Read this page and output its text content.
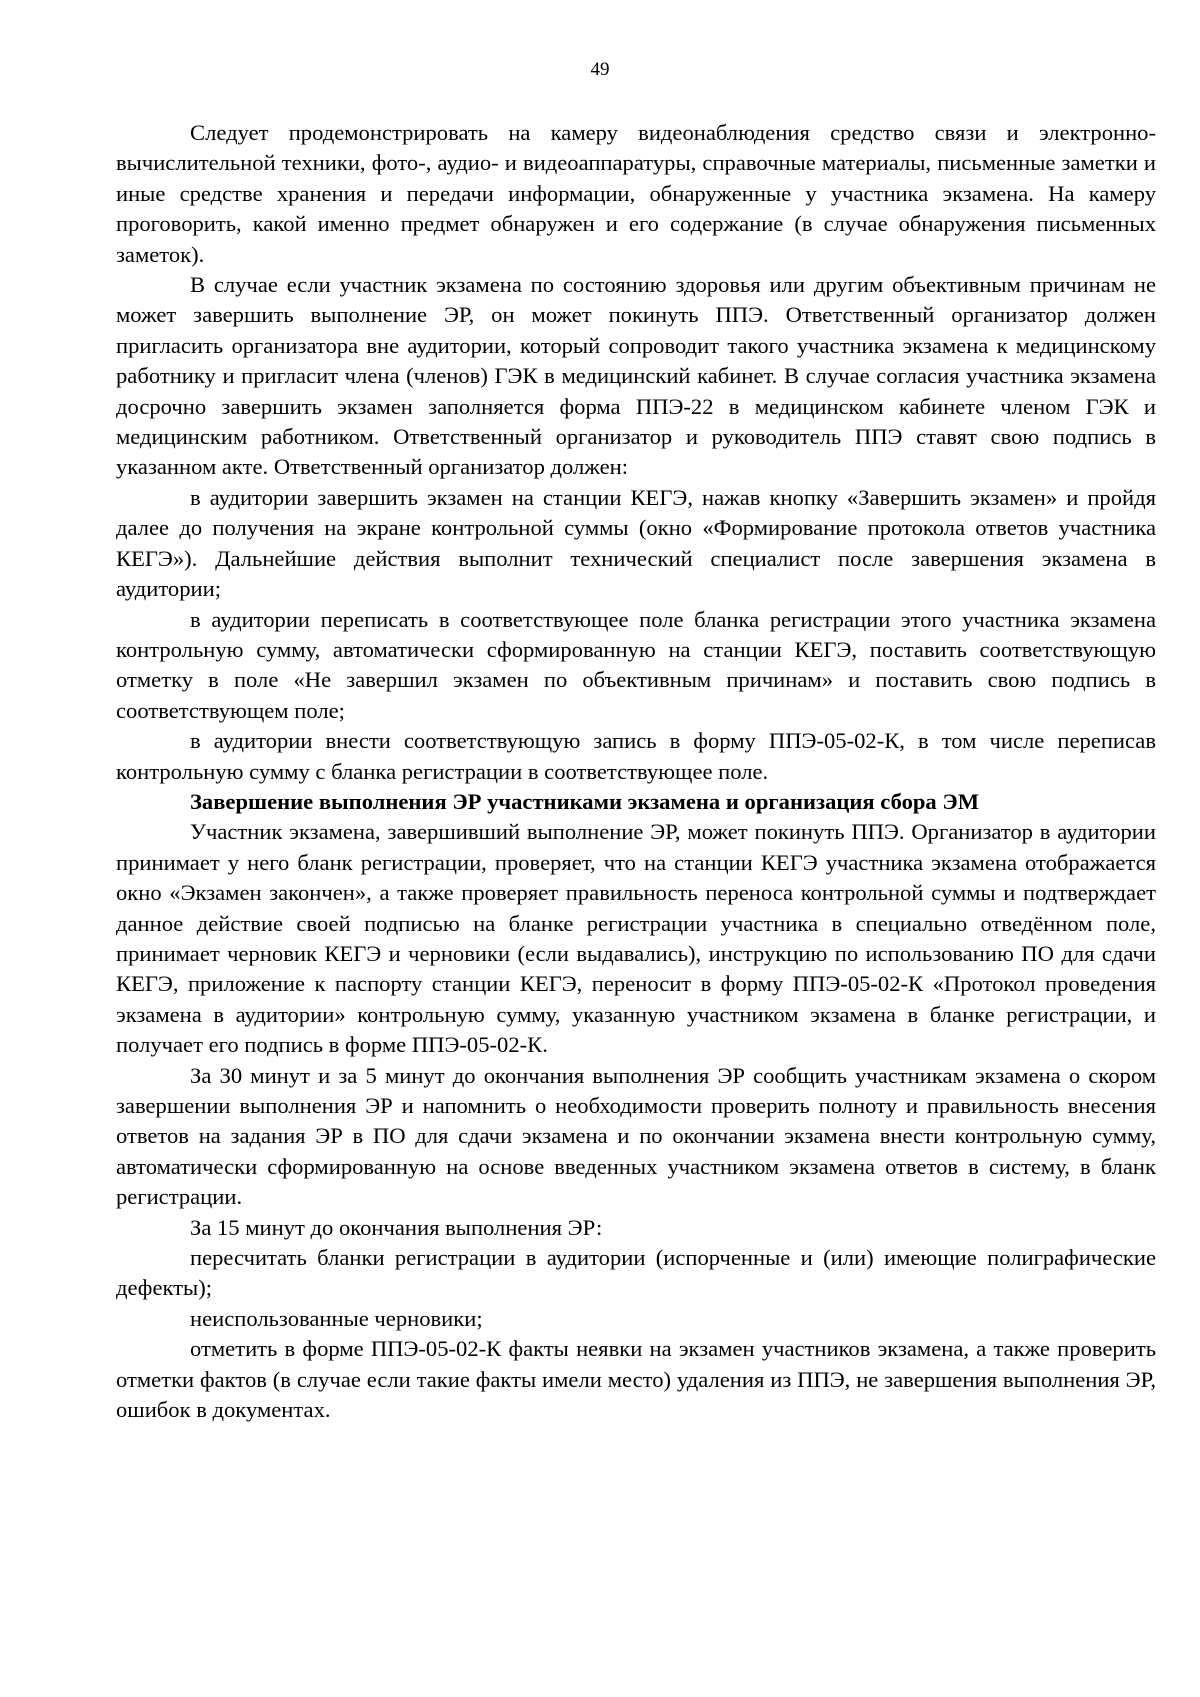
49

Следует продемонстрировать на камеру видеонаблюдения средство связи и электронно-вычислительной техники, фото-, аудио- и видеоаппаратуры, справочные материалы, письменные заметки и иные средстве хранения и передачи информации, обнаруженные у участника экзамена. На камеру проговорить, какой именно предмет обнаружен и его содержание (в случае обнаружения письменных заметок).

В случае если участник экзамена по состоянию здоровья или другим объективным причинам не может завершить выполнение ЭР, он может покинуть ППЭ. Ответственный организатор должен пригласить организатора вне аудитории, который сопроводит такого участника экзамена к медицинскому работнику и пригласит члена (членов) ГЭК в медицинский кабинет. В случае согласия участника экзамена досрочно завершить экзамен заполняется форма ППЭ-22 в медицинском кабинете членом ГЭК и медицинским работником. Ответственный организатор и руководитель ППЭ ставят свою подпись в указанном акте. Ответственный организатор должен:

в аудитории завершить экзамен на станции КЕГЭ, нажав кнопку «Завершить экзамен» и пройдя далее до получения на экране контрольной суммы (окно «Формирование протокола ответов участника КЕГЭ»). Дальнейшие действия выполнит технический специалист после завершения экзамена в аудитории;

в аудитории переписать в соответствующее поле бланка регистрации этого участника экзамена контрольную сумму, автоматически сформированную на станции КЕГЭ, поставить соответствующую отметку в поле «Не завершил экзамен по объективным причинам» и поставить свою подпись в соответствующем поле;

в аудитории внести соответствующую запись в форму ППЭ-05-02-К, в том числе переписав контрольную сумму с бланка регистрации в соответствующее поле.

Завершение выполнения ЭР участниками экзамена и организация сбора ЭМ

Участник экзамена, завершивший выполнение ЭР, может покинуть ППЭ. Организатор в аудитории принимает у него бланк регистрации, проверяет, что на станции КЕГЭ участника экзамена отображается окно «Экзамен закончен», а также проверяет правильность переноса контрольной суммы и подтверждает данное действие своей подписью на бланке регистрации участника в специально отведённом поле, принимает черновик КЕГЭ и черновики (если выдавались), инструкцию по использованию ПО для сдачи КЕГЭ, приложение к паспорту станции КЕГЭ, переносит в форму ППЭ-05-02-К «Протокол проведения экзамена в аудитории» контрольную сумму, указанную участником экзамена в бланке регистрации, и получает его подпись в форме ППЭ-05-02-К.

За 30 минут и за 5 минут до окончания выполнения ЭР сообщить участникам экзамена о скором завершении выполнения ЭР и напомнить о необходимости проверить полноту и правильность внесения ответов на задания ЭР в ПО для сдачи экзамена и по окончании экзамена внести контрольную сумму, автоматически сформированную на основе введенных участником экзамена ответов в систему, в бланк регистрации.

За 15 минут до окончания выполнения ЭР:

пересчитать бланки регистрации в аудитории (испорченные и (или) имеющие полиграфические дефекты);

неиспользованные черновики;

отметить в форме ППЭ-05-02-К факты неявки на экзамен участников экзамена, а также проверить отметки фактов (в случае если такие факты имели место) удаления из ППЭ, не завершения выполнения ЭР, ошибок в документах.
